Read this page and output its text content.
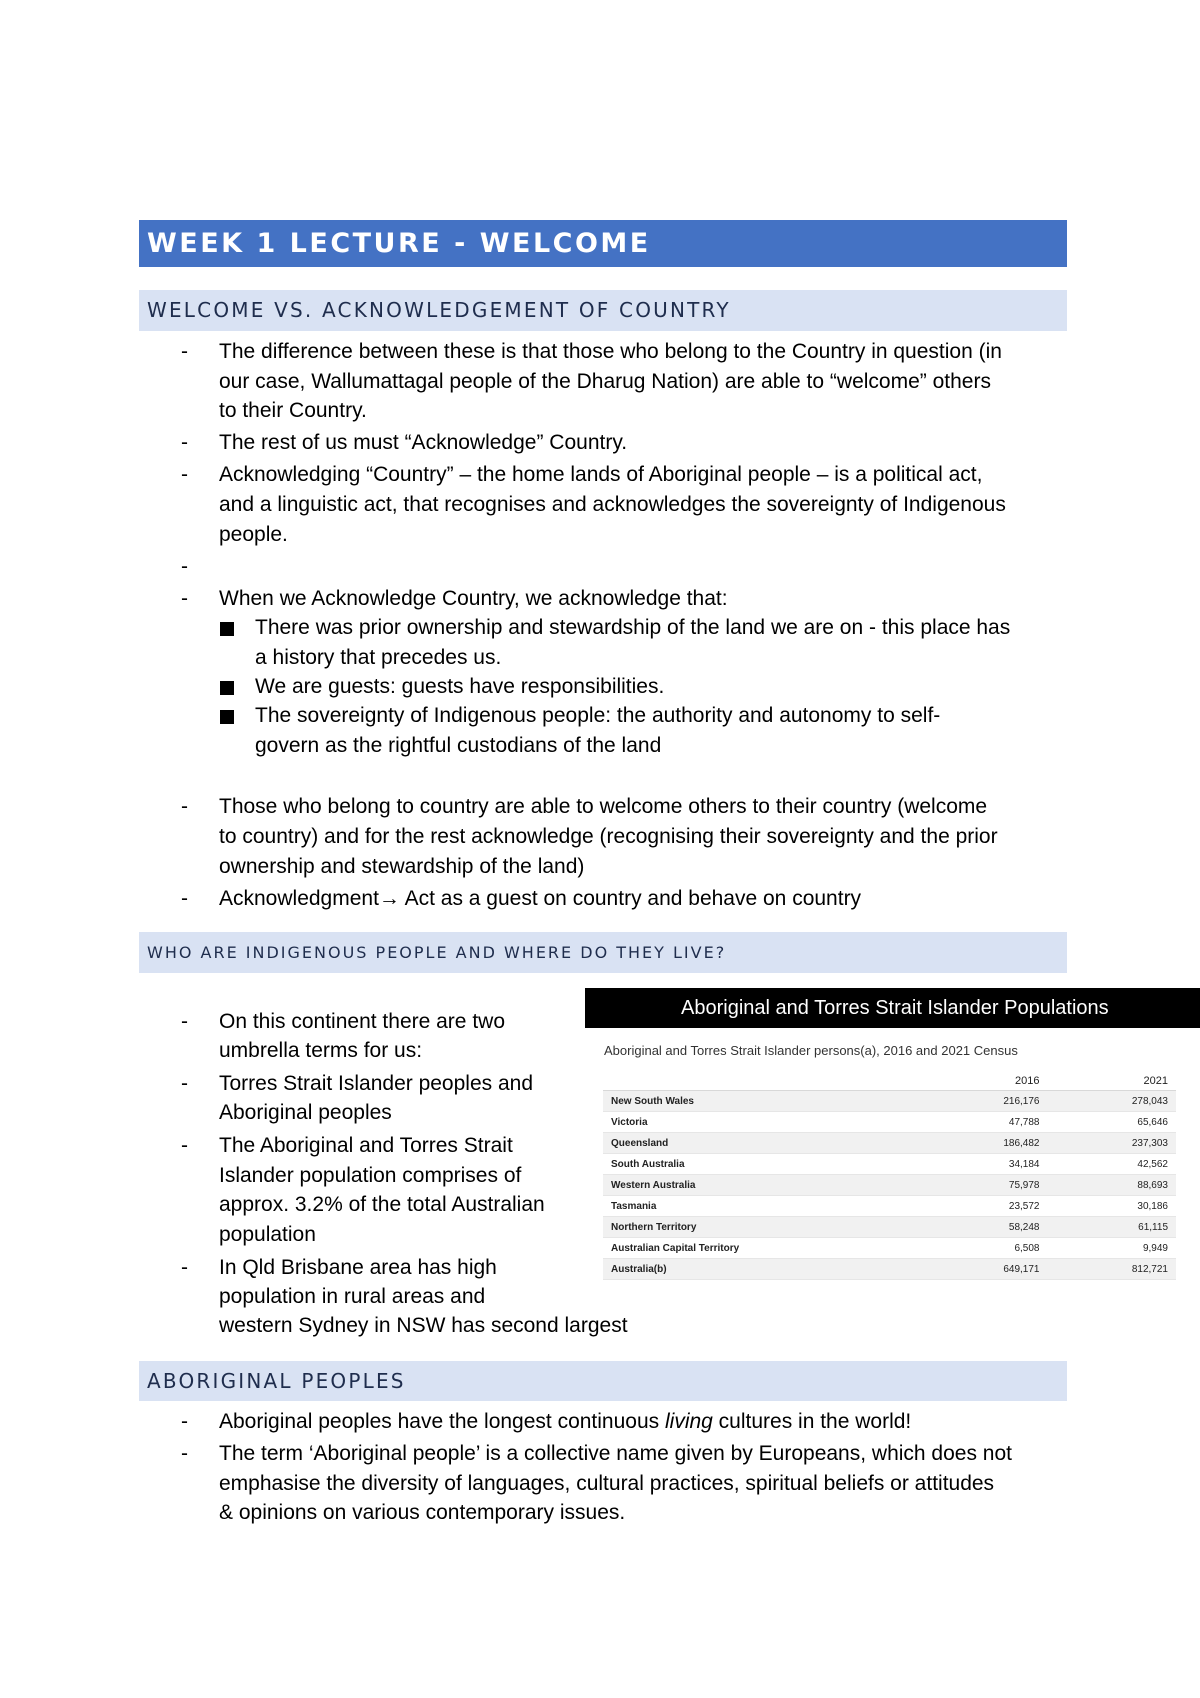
WEEK 1 LECTURE - WELCOME
WELCOME VS. ACKNOWLEDGEMENT OF COUNTRY
- The difference between these is that those who belong to the Country in question (in
our case, Wallumattagal people of the Dharug Nation) are able to “welcome” others
to their Country.
- The rest of us must “Acknowledge” Country.
- Acknowledging “Country” – the home lands of Aboriginal people – is a political act,
and a linguistic act, that recognises and acknowledges the sovereignty of Indigenous
people.
-
- When we Acknowledge Country, we acknowledge that:
There was prior ownership and stewardship of the land we are on - this place has
a history that precedes us.
We are guests: guests have responsibilities.
The sovereignty of Indigenous people: the authority and autonomy to self-
govern as the rightful custodians of the land
- Those who belong to country are able to welcome others to their country (welcome
to country) and for the rest acknowledge (recognising their sovereignty and the prior
ownership and stewardship of the land)
- Acknowledgment→ Act as a guest on country and behave on country
WHO ARE INDIGENOUS PEOPLE AND WHERE DO THEY LIVE?
- On this continent there are two
umbrella terms for us:
- Torres Strait Islander peoples and
Aboriginal peoples
- The Aboriginal and Torres Strait
Islander population comprises of
approx. 3.2% of the total Australian
population
- In Qld Brisbane area has high
population in rural areas and
western Sydney in NSW has second largest
Aboriginal and Torres Strait Islander Populations
Aboriginal and Torres Strait Islander persons(a), 2016 and 2021 Census
	2016	2021
New South Wales	216,176	278,043
Victoria	47,788	65,646
Queensland	186,482	237,303
South Australia	34,184	42,562
Western Australia	75,978	88,693
Tasmania	23,572	30,186
Northern Territory	58,248	61,115
Australian Capital Territory	6,508	9,949
Australia(b)	649,171	812,721
ABORIGINAL PEOPLES
- Aboriginal peoples have the longest continuous living cultures in the world!
- The term ‘Aboriginal people’ is a collective name given by Europeans, which does not
emphasise the diversity of languages, cultural practices, spiritual beliefs or attitudes
& opinions on various contemporary issues.
